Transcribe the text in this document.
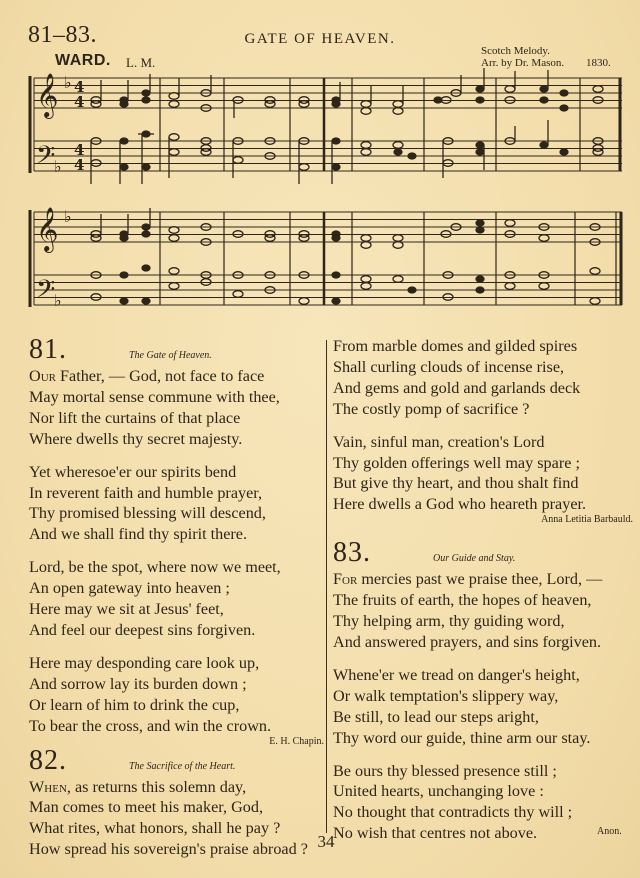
81–83.	GATE OF HEAVEN.
WARD. L. M.
Scotch Melody.
Arr. by Dr. Mason. 1830.
𝄞
𝄢
𝄞
𝄢
♭
♭
♭
♭
4
4
4
4
81.	The Gate of Heaven.
Our Father, — God, not face to face
May mortal sense commune with thee,
Nor lift the curtains of that place
Where dwells thy secret majesty.
Yet wheresoe'er our spirits bend
In reverent faith and humble prayer,
Thy promised blessing will descend,
And we shall find thy spirit there.
Lord, be the spot, where now we meet,
An open gateway into heaven ;
Here may we sit at Jesus' feet,
And feel our deepest sins forgiven.
Here may desponding care look up,
And sorrow lay its burden down ;
Or learn of him to drink the cup,
To bear the cross, and win the crown.
E. H. Chapin.
82.	The Sacrifice of the Heart.
When, as returns this solemn day,
Man comes to meet his maker, God,
What rites, what honors, shall he pay ?
How spread his sovereign's praise abroad ?
From marble domes and gilded spires
Shall curling clouds of incense rise,
And gems and gold and garlands deck
The costly pomp of sacrifice ?
Vain, sinful man, creation's Lord
Thy golden offerings well may spare ;
But give thy heart, and thou shalt find
Here dwells a God who heareth prayer.
Anna Letitia Barbauld.
83.	Our Guide and Stay.
For mercies past we praise thee, Lord, —
The fruits of earth, the hopes of heaven,
Thy helping arm, thy guiding word,
And answered prayers, and sins forgiven.
Whene'er we tread on danger's height,
Or walk temptation's slippery way,
Be still, to lead our steps aright,
Thy word our guide, thine arm our stay.
Be ours thy blessed presence still ;
United hearts, unchanging love :
No thought that contradicts thy will ;
No wish that centres not above.	Anon.
34
